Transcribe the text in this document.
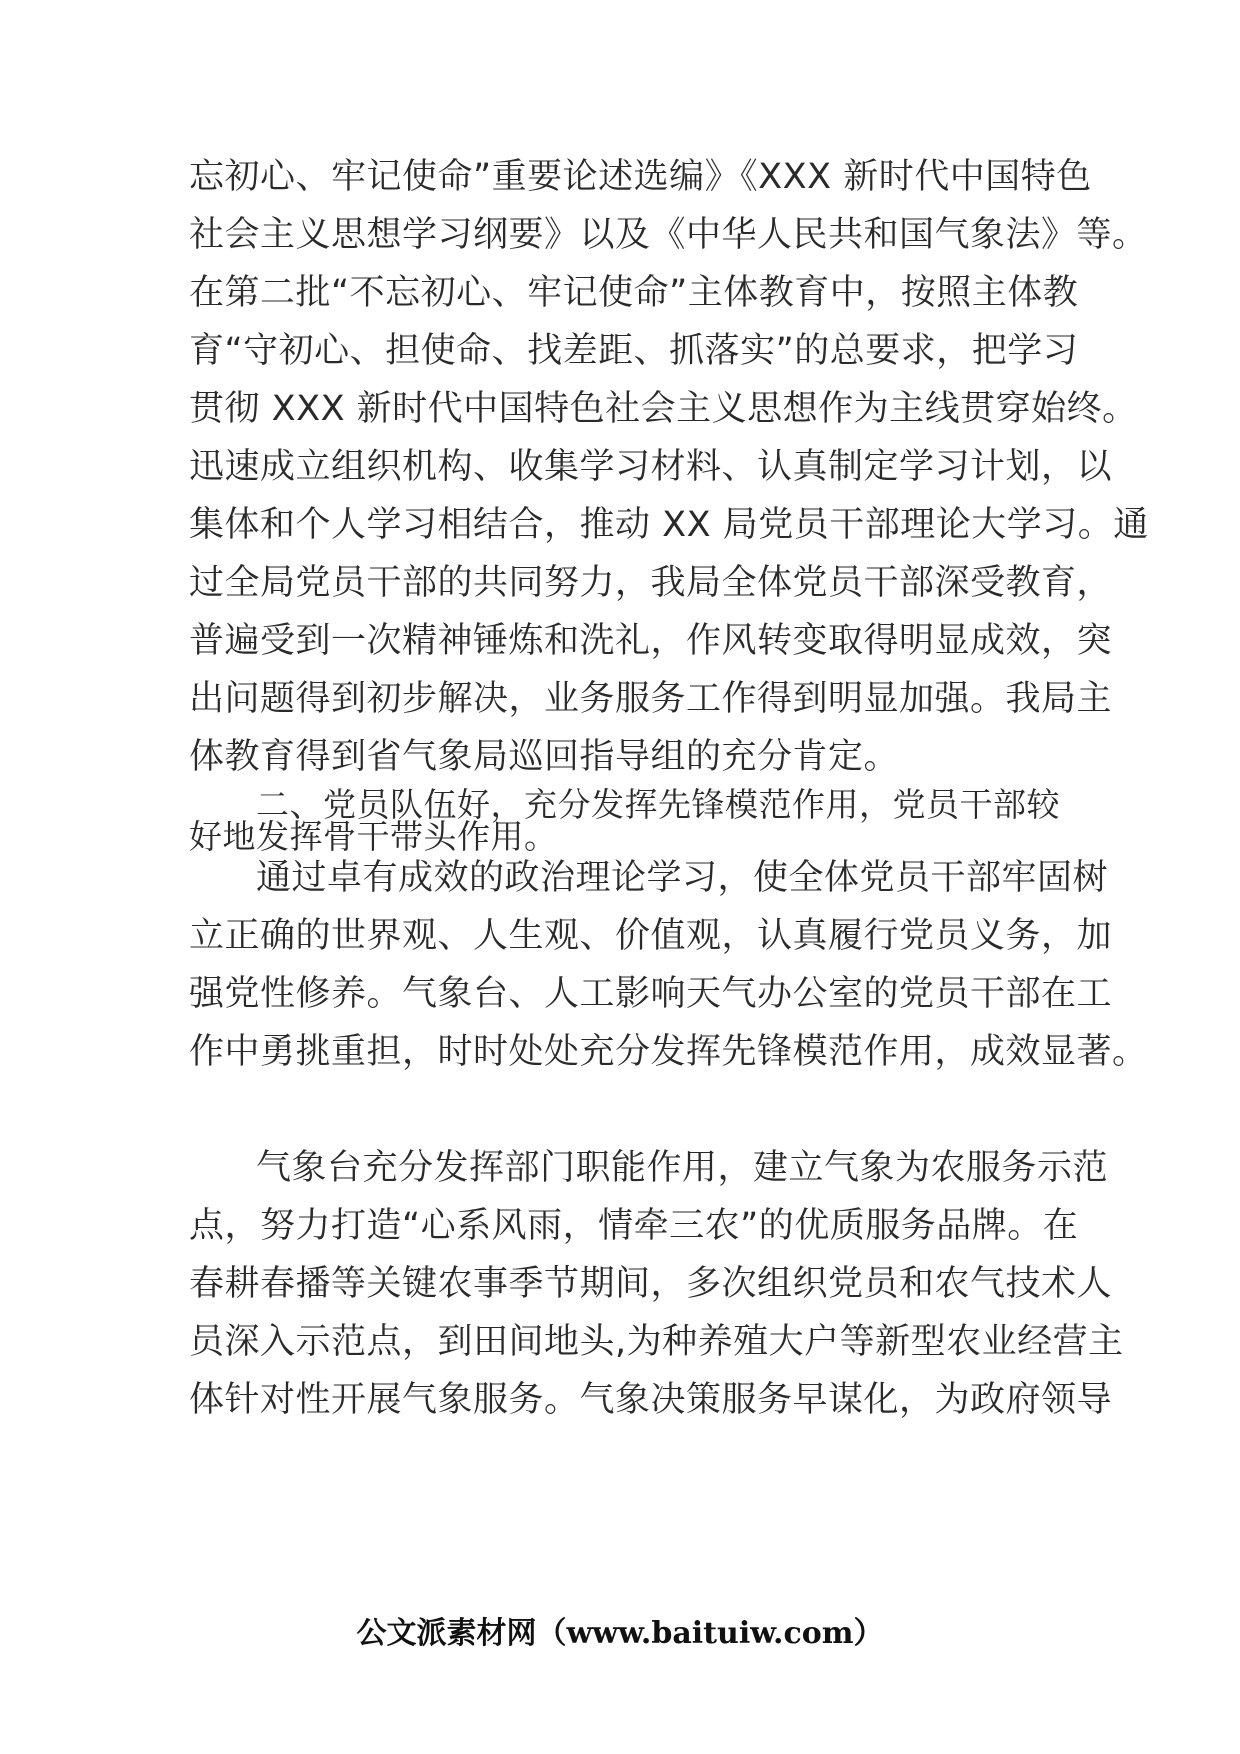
忘初心、牢记使命”重要论述选编》《XXX 新时代中国特色
社会主义思想学习纲要》以及《中华人民共和国气象法》等。
在第二批“不忘初心、牢记使命”主体教育中，按照主体教
育“守初心、担使命、找差距、抓落实”的总要求，把学习
贯彻 XXX 新时代中国特色社会主义思想作为主线贯穿始终。
迅速成立组织机构、收集学习材料、认真制定学习计划，以
集体和个人学习相结合，推动 XX 局党员干部理论大学习。通
过全局党员干部的共同努力，我局全体党员干部深受教育，
普遍受到一次精神锤炼和洗礼，作风转变取得明显成效，突
出问题得到初步解决，业务服务工作得到明显加强。我局主
体教育得到省气象局巡回指导组的充分肯定。
二、党员队伍好，充分发挥先锋模范作用，党员干部较
好地发挥骨干带头作用。
通过卓有成效的政治理论学习，使全体党员干部牢固树
立正确的世界观、人生观、价值观，认真履行党员义务，加
强党性修养。气象台、人工影响天气办公室的党员干部在工
作中勇挑重担，时时处处充分发挥先锋模范作用，成效显著。
气象台充分发挥部门职能作用，建立气象为农服务示范
点，努力打造“心系风雨，情牵三农”的优质服务品牌。在
春耕春播等关键农事季节期间，多次组织党员和农气技术人
员深入示范点，到田间地头,为种养殖大户等新型农业经营主
体针对性开展气象服务。气象决策服务早谋化，为政府领导
公文派素材网（www.baituiw.com）
